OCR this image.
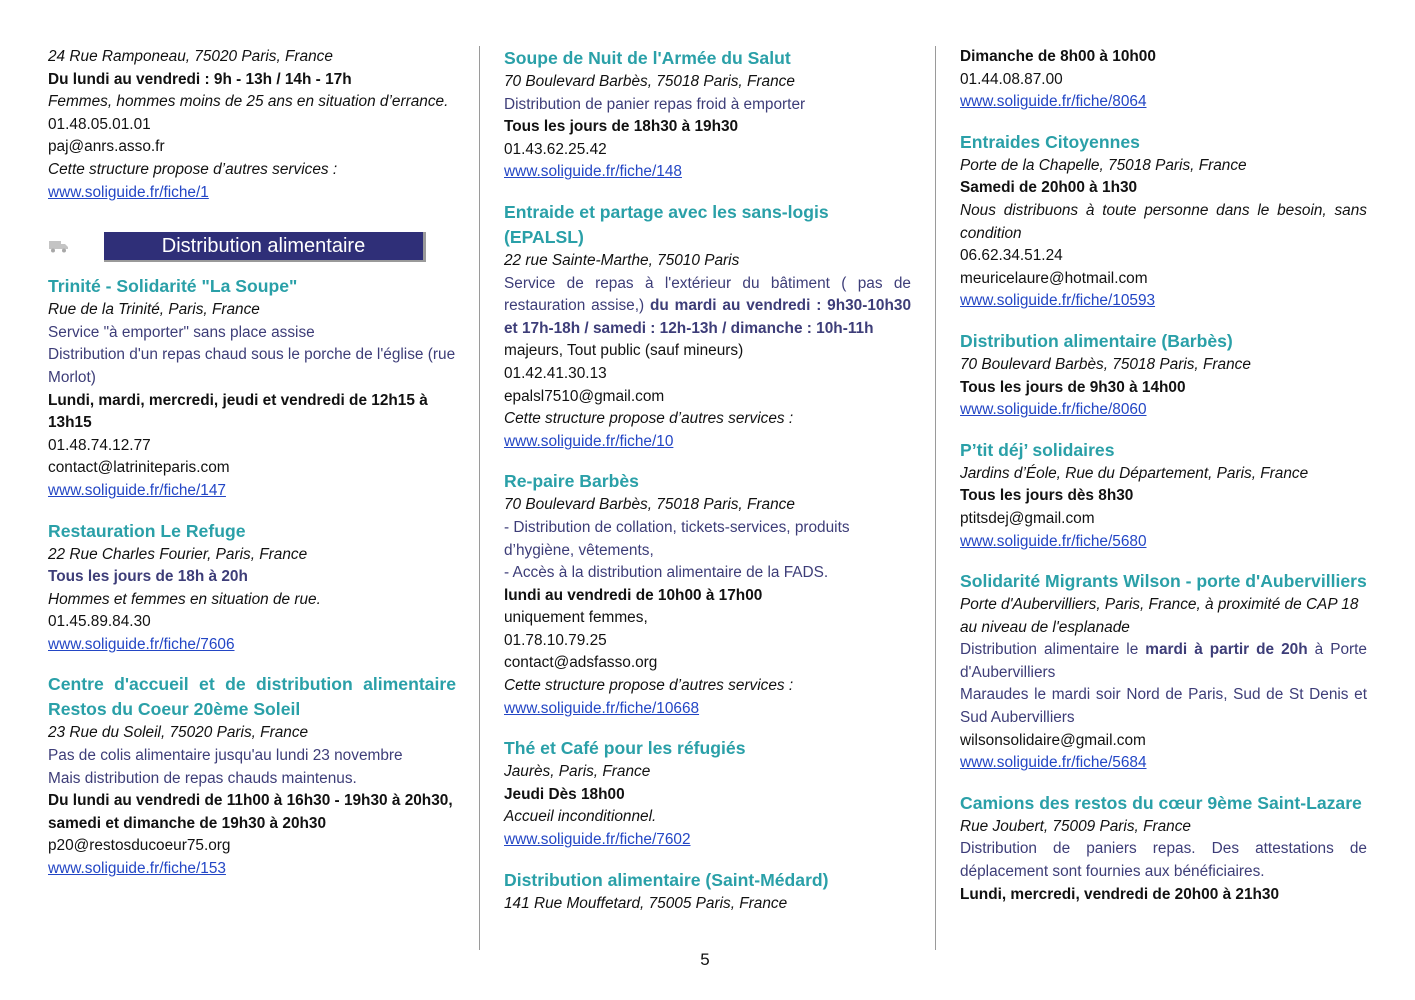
24 Rue Ramponeau, 75020 Paris, France
Du lundi au vendredi : 9h - 13h / 14h - 17h
Femmes, hommes moins de 25 ans en situation d’errance.
01.48.05.01.01
paj@anrs.asso.fr
Cette structure propose d’autres services :
www.soliguide.fr/fiche/1
Distribution alimentaire
Trinité - Solidarité "La Soupe"
Rue de la Trinité, Paris, France
Service "à emporter" sans place assise
Distribution d'un repas chaud sous le porche de l'église (rue Morlot)
Lundi, mardi, mercredi, jeudi et vendredi de 12h15 à 13h15
01.48.74.12.77
contact@latriniteparis.com
www.soliguide.fr/fiche/147
Restauration Le Refuge
22 Rue Charles Fourier, Paris, France
Tous les jours de 18h à 20h
Hommes et femmes en situation de rue.
01.45.89.84.30
www.soliguide.fr/fiche/7606
Centre d'accueil et de distribution alimentaire Restos du Coeur 20ème Soleil
23 Rue du Soleil, 75020 Paris, France
Pas de colis alimentaire jusqu'au lundi 23 novembre
Mais distribution de repas chauds maintenus.
Du lundi au vendredi de 11h00 à 16h30 - 19h30 à 20h30, samedi et dimanche de 19h30 à 20h30
p20@restosducoeur75.org
www.soliguide.fr/fiche/153
Soupe de Nuit de l'Armée du Salut
70 Boulevard Barbès, 75018 Paris, France
Distribution de panier repas froid à emporter
Tous les jours de 18h30 à 19h30
01.43.62.25.42
www.soliguide.fr/fiche/148
Entraide et partage avec les sans-logis (EPALSL)
22 rue Sainte-Marthe, 75010 Paris
Service de repas à l'extérieur du bâtiment ( pas de restauration assise,) du mardi au vendredi : 9h30-10h30 et 17h-18h / samedi : 12h-13h / dimanche : 10h-11h
majeurs, Tout public (sauf mineurs)
01.42.41.30.13
epalsl7510@gmail.com
Cette structure propose d’autres services :
www.soliguide.fr/fiche/10
Re-paire Barbès
70 Boulevard Barbès, 75018 Paris, France
- Distribution de collation, tickets-services, produits d’hygiène, vêtements,
- Accès à la distribution alimentaire de la FADS.
lundi au vendredi de 10h00 à 17h00
uniquement femmes,
01.78.10.79.25
contact@adsfasso.org
Cette structure propose d’autres services :
www.soliguide.fr/fiche/10668
Thé et Café pour les réfugiés
Jaurès, Paris, France
Jeudi Dès 18h00
Accueil inconditionnel.
www.soliguide.fr/fiche/7602
Distribution alimentaire (Saint-Médard)
141 Rue Mouffetard, 75005 Paris, France
Dimanche de 8h00 à 10h00
01.44.08.87.00
www.soliguide.fr/fiche/8064
Entraides Citoyennes
Porte de la Chapelle, 75018 Paris, France
Samedi de 20h00 à 1h30
Nous distribuons à toute personne dans le besoin, sans condition
06.62.34.51.24
meuricelaure@hotmail.com
www.soliguide.fr/fiche/10593
Distribution alimentaire (Barbès)
70 Boulevard Barbès, 75018 Paris, France
Tous les jours de 9h30 à 14h00
www.soliguide.fr/fiche/8060
P’tit déj’ solidaires
Jardins d’Éole, Rue du Département, Paris, France
Tous les jours dès 8h30
ptitsdej@gmail.com
www.soliguide.fr/fiche/5680
Solidarité Migrants Wilson - porte d'Aubervilliers
Porte d'Aubervilliers, Paris, France, à proximité de CAP 18 au niveau de l'esplanade
Distribution alimentaire le mardi à partir de 20h à Porte d'Aubervilliers
Maraudes le mardi soir Nord de Paris, Sud de St Denis et Sud Aubervilliers
wilsonsolidaire@gmail.com
www.soliguide.fr/fiche/5684
Camions des restos du cœur 9ème Saint-Lazare
Rue Joubert, 75009 Paris, France
Distribution de paniers repas. Des attestations de déplacement sont fournies aux bénéficiaires.
Lundi, mercredi, vendredi de 20h00 à 21h30
5
